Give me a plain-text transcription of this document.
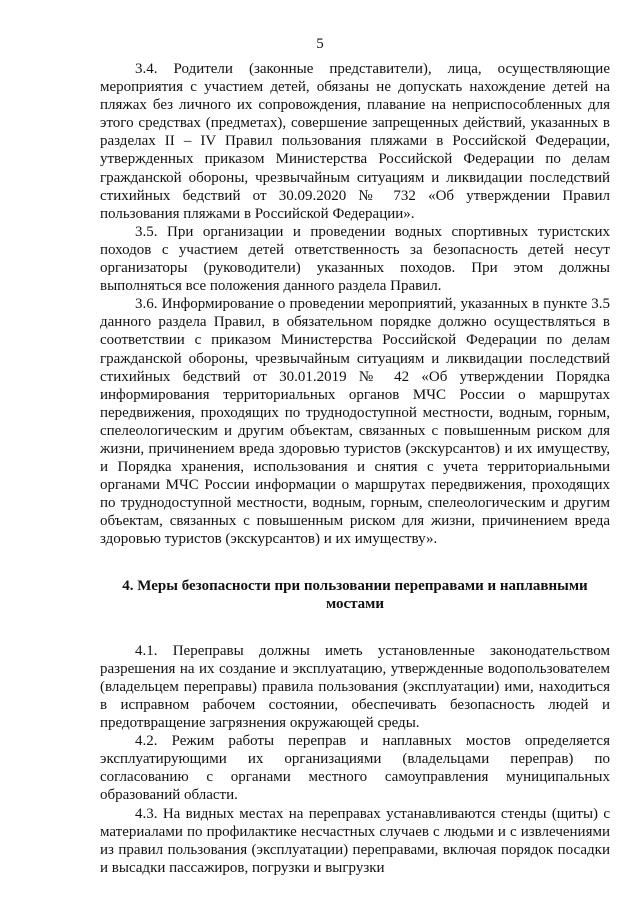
5

3.4. Родители (законные представители), лица, осуществляющие мероприятия с участием детей, обязаны не допускать нахождение детей на пляжах без личного их сопровождения, плавание на неприспособленных для этого средствах (предметах), совершение запрещенных действий, указанных в разделах II – IV Правил пользования пляжами в Российской Федерации, утвержденных приказом Министерства Российской Федерации по делам гражданской обороны, чрезвычайным ситуациям и ликвидации последствий стихийных бедствий от 30.09.2020 № 732 «Об утверждении Правил пользования пляжами в Российской Федерации».

3.5. При организации и проведении водных спортивных туристских походов с участием детей ответственность за безопасность детей несут организаторы (руководители) указанных походов. При этом должны выполняться все положения данного раздела Правил.

3.6. Информирование о проведении мероприятий, указанных в пункте 3.5 данного раздела Правил, в обязательном порядке должно осуществляться в соответствии с приказом Министерства Российской Федерации по делам гражданской обороны, чрезвычайным ситуациям и ликвидации последствий стихийных бедствий от 30.01.2019 № 42 «Об утверждении Порядка информирования территориальных органов МЧС России о маршрутах передвижения, проходящих по труднодоступной местности, водным, горным, спелеологическим и другим объектам, связанных с повышенным риском для жизни, причинением вреда здоровью туристов (экскурсантов) и их имуществу, и Порядка хранения, использования и снятия с учета территориальными органами МЧС России информации о маршрутах передвижения, проходящих по труднодоступной местности, водным, горным, спелеологическим и другим объектам, связанных с повышенным риском для жизни, причинением вреда здоровью туристов (экскурсантов) и их имуществу».

4. Меры безопасности при пользовании переправами и наплавными мостами

4.1. Переправы должны иметь установленные законодательством разрешения на их создание и эксплуатацию, утвержденные водопользователем (владельцем переправы) правила пользования (эксплуатации) ими, находиться в исправном рабочем состоянии, обеспечивать безопасность людей и предотвращение загрязнения окружающей среды.

4.2. Режим работы переправ и наплавных мостов определяется эксплуатирующими их организациями (владельцами переправ) по согласованию с органами местного самоуправления муниципальных образований области.

4.3. На видных местах на переправах устанавливаются стенды (щиты) с материалами по профилактике несчастных случаев с людьми и с извлечениями из правил пользования (эксплуатации) переправами, включая порядок посадки и высадки пассажиров, погрузки и выгрузки
